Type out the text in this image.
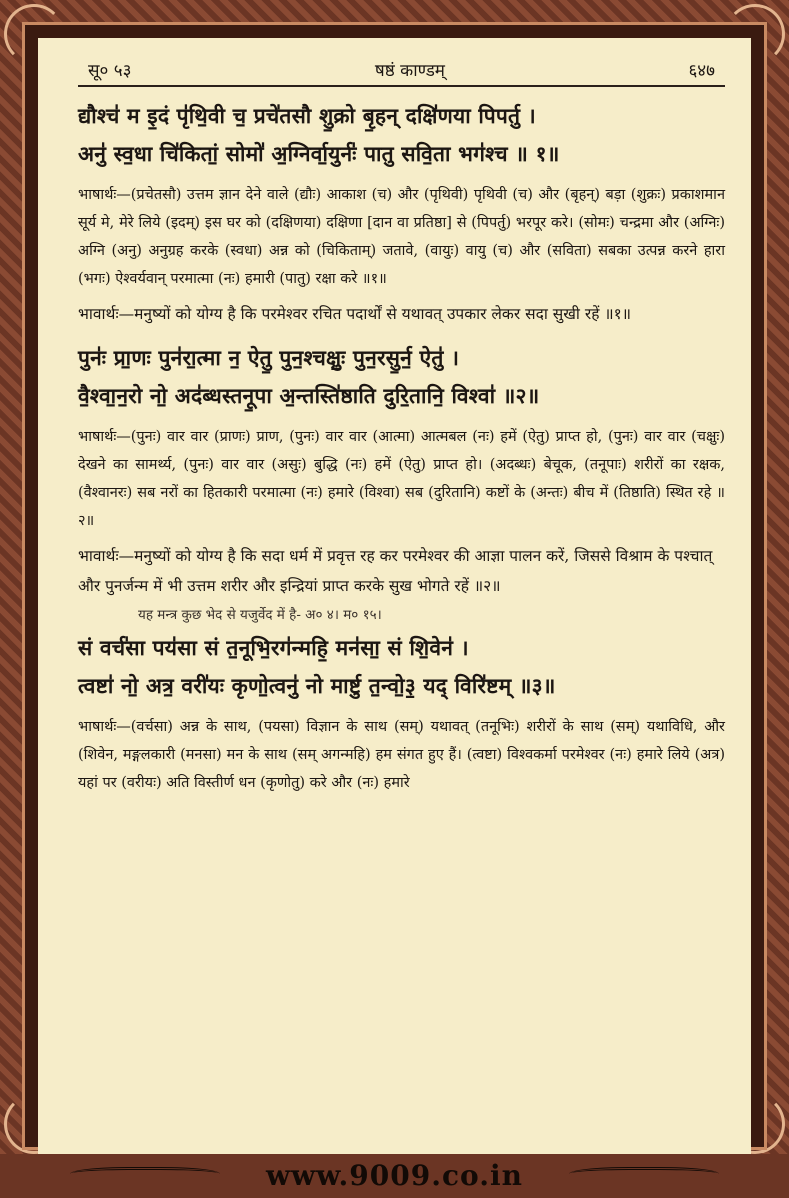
सू० ५३	षष्ठं काण्डम्	६४७
द्यौश्च॑ म इ॒दं पृ॑थि॒वी च॒ प्रचे॑तसौ शु॒क्रो बृ॒हन् दक्षि॑णया पिपर्तु ।
अनु॑ स्व॒धा चि॑कितां॒ सोमो॑ अ॒ग्निर्वा॒युर्नः॑ पातु सवि॒ता भग॑श्च ॥ १॥
भाषार्थः—(प्रचेतसौ) उत्तम ज्ञान देने वाले (द्यौः) आकाश (च) और (पृथिवी) पृथिवी (च) और (बृहन्) बड़ा (शुक्रः) प्रकाशमान सूर्य मे, मेरे लिये (इदम्) इस घर को (दक्षिणया) दक्षिणा [दान वा प्रतिष्ठा] से (पिपर्तु) भरपूर करे। (सोमः) चन्द्रमा और (अग्निः) अग्नि (अनु) अनुग्रह करके (स्वधा) अन्न को (चिकिताम्) जतावे, (वायुः) वायु (च) और (सविता) सबका उत्पन्न करने हारा (भगः) ऐश्वर्यवान् परमात्मा (नः) हमारी (पातु) रक्षा करे ॥१॥
भावार्थः—मनुष्यों को योग्य है कि परमेश्वर रचित पदार्थों से यथावत् उपकार लेकर सदा सुखी रहें ॥१॥
पुनः॑ प्रा॒णः पुन॑रा॒त्मा न॒ ऐतु॒ पुन॒श्चक्षुः॒ पुन॒रसु॒र्न॒ ऐतु॑ ।
वै॒श्वा॒न॒रो नो॒ अद॑ब्धस्तनू॒पा अ॒न्तस्ति॑ष्ठाति दुरि॒तानि॒ विश्वा॑ ॥२॥
भाषार्थः—(पुनः) वार वार (प्राणः) प्राण, (पुनः) वार वार (आत्मा) आत्मबल (नः) हमें (ऐतु) प्राप्त हो, (पुनः) वार वार (चक्षुः) देखने का सामर्थ्य, (पुनः) वार वार (असुः) बुद्धि (नः) हमें (ऐतु) प्राप्त हो। (अदब्धः) बेचूक, (तनूपाः) शरीरों का रक्षक, (वैश्वानरः) सब नरों का हितकारी परमात्मा (नः) हमारे (विश्वा) सब (दुरितानि) कष्टों के (अन्तः) बीच में (तिष्ठाति) स्थित रहे ॥२॥
भावार्थः—मनुष्यों को योग्य है कि सदा धर्म में प्रवृत्त रह कर परमेश्वर की आज्ञा पालन करें, जिससे विश्राम के पश्चात् और पुनर्जन्म में भी उत्तम शरीर और इन्द्रियां प्राप्त करके सुख भोगते रहें ॥२॥
यह मन्त्र कुछ भेद से यजुर्वेद में है- अ० ४। म० १५।
सं वर्च॑सा पय॑सा सं त॒नूभि॒रग॑न्महि॒ मन॑सा॒ सं शि॒वेन॑ ।
त्वष्टा॑ नो॒ अत्र॒ वरी॑यः कृणो॒त्वनु॑ नो मार्ष्टु त॒न्वो॒३॒ यद् विरि॑ष्टम् ॥३॥
भाषार्थः—(वर्चसा) अन्न के साथ, (पयसा) विज्ञान के साथ (सम्) यथावत् (तनूभिः) शरीरों के साथ (सम्) यथाविधि, और (शिवेन, मङ्गलकारी (मनसा) मन के साथ (सम् अगन्महि) हम संगत हुए हैं। (त्वष्टा) विश्वकर्मा परमेश्वर (नः) हमारे लिये (अत्र) यहां पर (वरीयः) अति विस्तीर्ण धन (कृणोतु) करे और (नः) हमारे
www.9009.co.in
